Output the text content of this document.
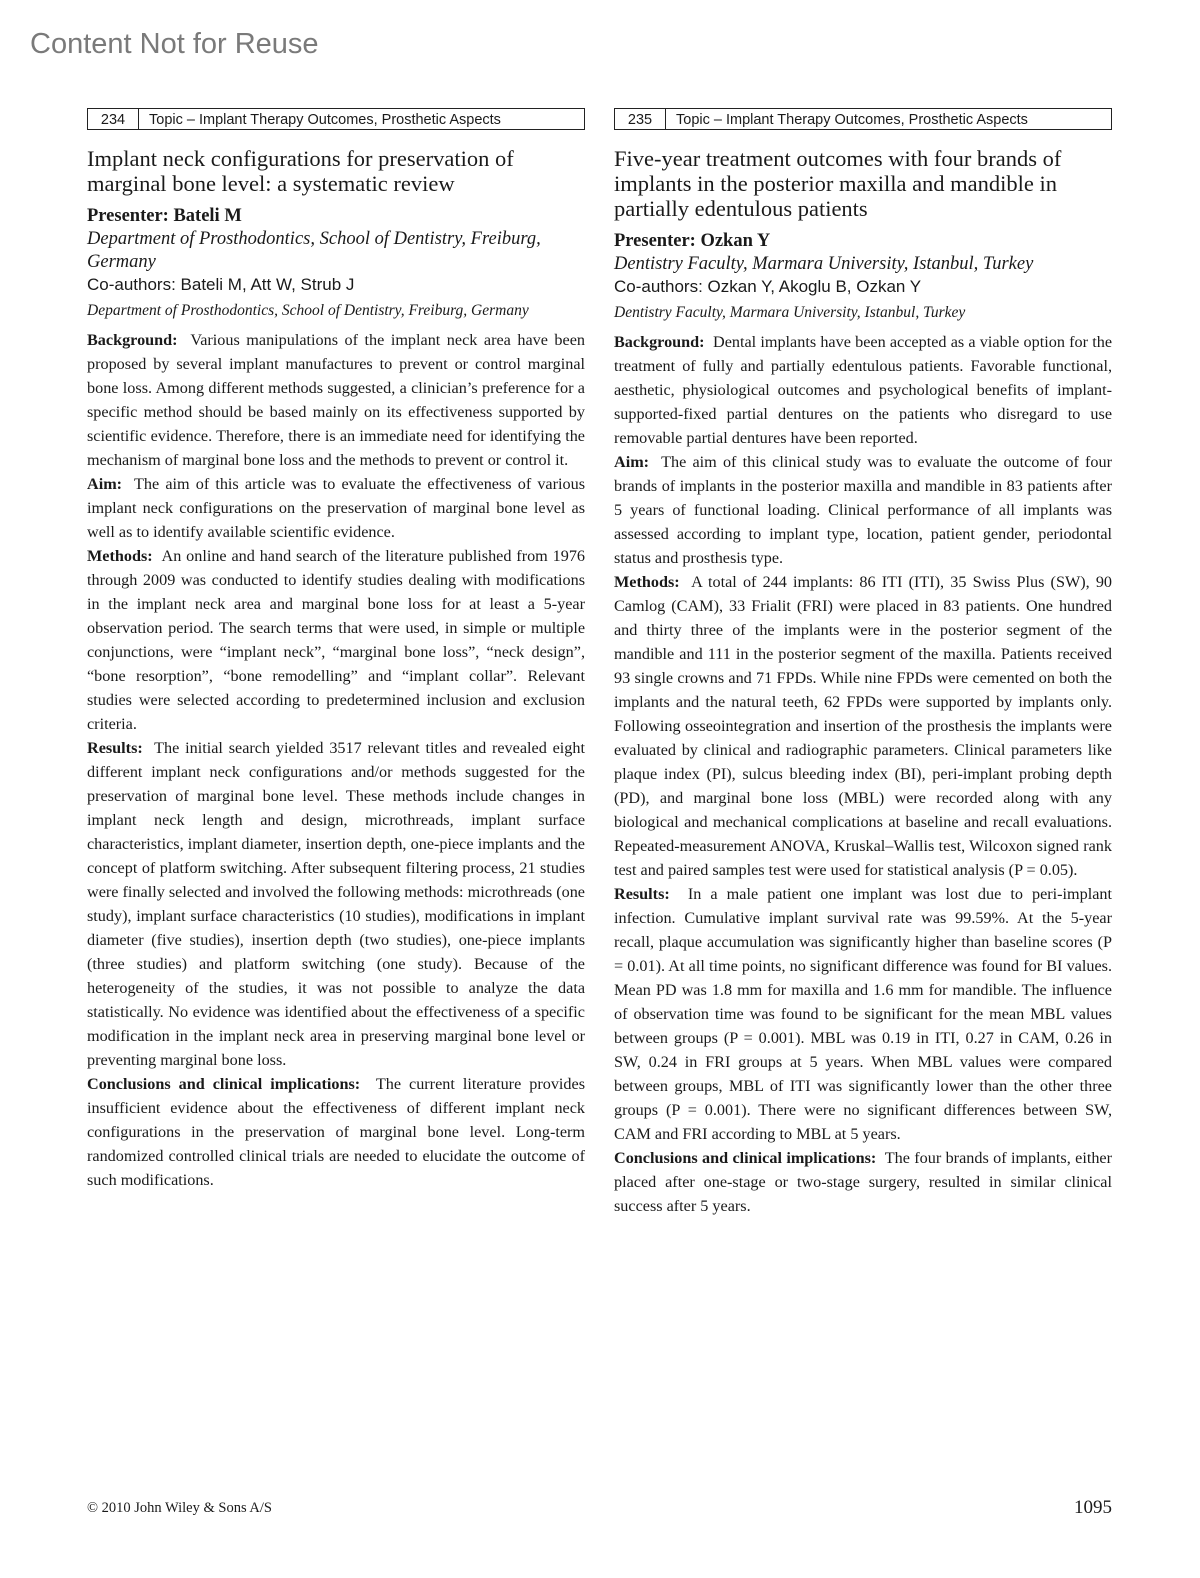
Content Not for Reuse
234	Topic – Implant Therapy Outcomes, Prosthetic Aspects
Implant neck configurations for preservation of marginal bone level: a systematic review
Presenter: Bateli M
Department of Prosthodontics, School of Dentistry, Freiburg, Germany
Co-authors: Bateli M, Att W, Strub J
Department of Prosthodontics, School of Dentistry, Freiburg, Germany

Background: Various manipulations of the implant neck area have been proposed by several implant manufactures to prevent or control marginal bone loss. Among different methods suggested, a clinician’s preference for a specific method should be based mainly on its effectiveness supported by scientific evidence. Therefore, there is an immediate need for identifying the mechanism of marginal bone loss and the methods to prevent or control it.

Aim: The aim of this article was to evaluate the effectiveness of various implant neck configurations on the preservation of marginal bone level as well as to identify available scientific evidence.

Methods: An online and hand search of the literature published from 1976 through 2009 was conducted to identify studies dealing with modifications in the implant neck area and marginal bone loss for at least a 5-year observation period. The search terms that were used, in simple or multiple conjunctions, were “implant neck”, “marginal bone loss”, “neck design”, “bone resorption”, “bone remodelling” and “implant collar”. Relevant studies were selected according to predetermined inclusion and exclusion criteria.

Results: The initial search yielded 3517 relevant titles and revealed eight different implant neck configurations and/or methods suggested for the preservation of marginal bone level. These methods include changes in implant neck length and design, microthreads, implant surface characteristics, implant diameter, insertion depth, one-piece implants and the concept of platform switching. After subsequent filtering process, 21 studies were finally selected and involved the following methods: microthreads (one study), implant surface characteristics (10 studies), modifications in implant diameter (five studies), insertion depth (two studies), one-piece implants (three studies) and platform switching (one study). Because of the heterogeneity of the studies, it was not possible to analyze the data statistically. No evidence was identified about the effectiveness of a specific modification in the implant neck area in preserving marginal bone level or preventing marginal bone loss.

Conclusions and clinical implications: The current literature provides insufficient evidence about the effectiveness of different implant neck configurations in the preservation of marginal bone level. Long-term randomized controlled clinical trials are needed to elucidate the outcome of such modifications.

235	Topic – Implant Therapy Outcomes, Prosthetic Aspects
Five-year treatment outcomes with four brands of implants in the posterior maxilla and mandible in partially edentulous patients
Presenter: Ozkan Y
Dentistry Faculty, Marmara University, Istanbul, Turkey
Co-authors: Ozkan Y, Akoglu B, Ozkan Y
Dentistry Faculty, Marmara University, Istanbul, Turkey

Background: Dental implants have been accepted as a viable option for the treatment of fully and partially edentulous patients. Favorable functional, aesthetic, physiological outcomes and psychological benefits of implant-supported-fixed partial dentures on the patients who disregard to use removable partial dentures have been reported.

Aim: The aim of this clinical study was to evaluate the outcome of four brands of implants in the posterior maxilla and mandible in 83 patients after 5 years of functional loading. Clinical performance of all implants was assessed according to implant type, location, patient gender, periodontal status and prosthesis type.

Methods: A total of 244 implants: 86 ITI (ITI), 35 Swiss Plus (SW), 90 Camlog (CAM), 33 Frialit (FRI) were placed in 83 patients. One hundred and thirty three of the implants were in the posterior segment of the mandible and 111 in the posterior segment of the maxilla. Patients received 93 single crowns and 71 FPDs. While nine FPDs were cemented on both the implants and the natural teeth, 62 FPDs were supported by implants only. Following osseointegration and insertion of the prosthesis the implants were evaluated by clinical and radiographic parameters. Clinical parameters like plaque index (PI), sulcus bleeding index (BI), peri-implant probing depth (PD), and marginal bone loss (MBL) were recorded along with any biological and mechanical complications at baseline and recall evaluations. Repeated-measurement ANOVA, Kruskal–Wallis test, Wilcoxon signed rank test and paired samples test were used for statistical analysis (P = 0.05).

Results: In a male patient one implant was lost due to peri-implant infection. Cumulative implant survival rate was 99.59%. At the 5-year recall, plaque accumulation was significantly higher than baseline scores (P = 0.01). At all time points, no significant difference was found for BI values. Mean PD was 1.8 mm for maxilla and 1.6 mm for mandible. The influence of observation time was found to be significant for the mean MBL values between groups (P = 0.001). MBL was 0.19 in ITI, 0.27 in CAM, 0.26 in SW, 0.24 in FRI groups at 5 years. When MBL values were compared between groups, MBL of ITI was significantly lower than the other three groups (P = 0.001). There were no significant differences between SW, CAM and FRI according to MBL at 5 years.

Conclusions and clinical implications: The four brands of implants, either placed after one-stage or two-stage surgery, resulted in similar clinical success after 5 years.

© 2010 John Wiley & Sons A/S	1095
